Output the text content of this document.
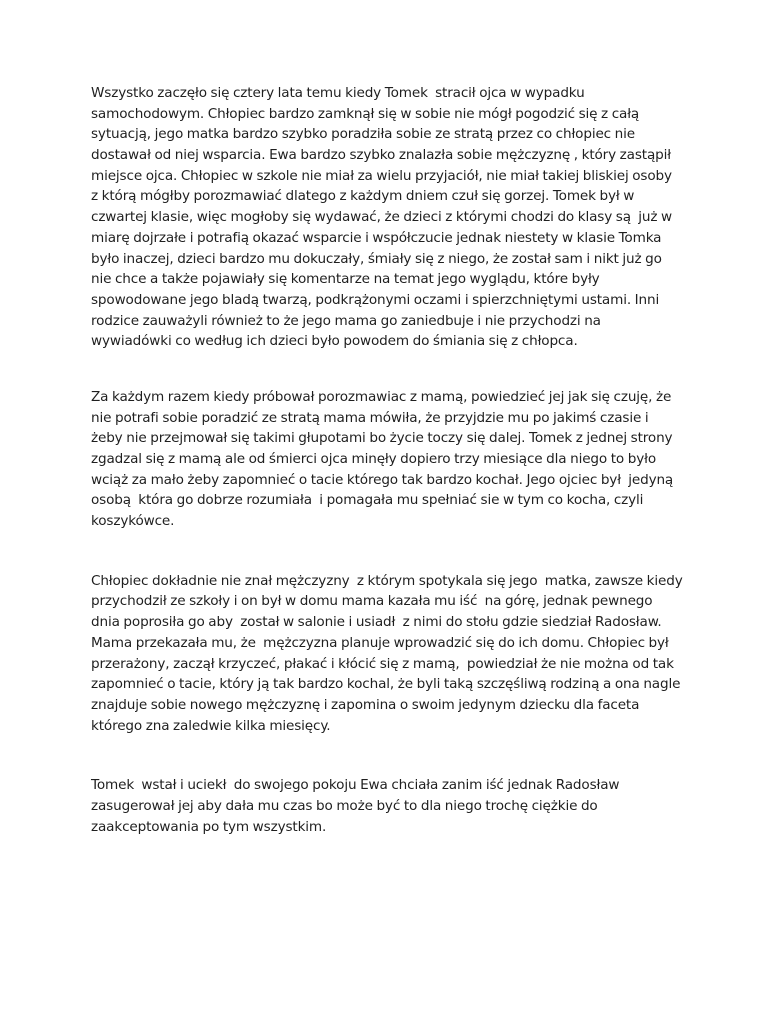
Wszystko zaczęło się cztery lata temu kiedy Tomek  stracił ojca w wypadku
samochodowym. Chłopiec bardzo zamknął się w sobie nie mógł pogodzić się z całą
sytuacją, jego matka bardzo szybko poradziła sobie ze stratą przez co chłopiec nie
dostawał od niej wsparcia. Ewa bardzo szybko znalazła sobie mężczyznę , który zastąpił
miejsce ojca. Chłopiec w szkole nie miał za wielu przyjaciół, nie miał takiej bliskiej osoby
z którą mógłby porozmawiać dlatego z każdym dniem czuł się gorzej. Tomek był w
czwartej klasie, więc mogłoby się wydawać, że dzieci z którymi chodzi do klasy są  już w
miarę dojrzałe i potrafią okazać wsparcie i współczucie jednak niestety w klasie Tomka
było inaczej, dzieci bardzo mu dokuczały, śmiały się z niego, że został sam i nikt już go
nie chce a także pojawiały się komentarze na temat jego wyglądu, które były
spowodowane jego bladą twarzą, podkrążonymi oczami i spierzchniętymi ustami. Inni
rodzice zauważyli również to że jego mama go zaniedbuje i nie przychodzi na
wywiadówki co według ich dzieci było powodem do śmiania się z chłopca.
Za każdym razem kiedy próbował porozmawiac z mamą, powiedzieć jej jak się czuję, że
nie potrafi sobie poradzić ze stratą mama mówiła, że przyjdzie mu po jakimś czasie i
żeby nie przejmował się takimi głupotami bo życie toczy się dalej. Tomek z jednej strony
zgadzal się z mamą ale od śmierci ojca minęły dopiero trzy miesiące dla niego to było
wciąż za mało żeby zapomnieć o tacie którego tak bardzo kochał. Jego ojciec był  jedyną
osobą  która go dobrze rozumiała  i pomagała mu spełniać sie w tym co kocha, czyli
koszykówce.
Chłopiec dokładnie nie znał mężczyzny  z którym spotykala się jego  matka, zawsze kiedy
przychodził ze szkoły i on był w domu mama kazała mu iść  na górę, jednak pewnego
dnia poprosiła go aby  został w salonie i usiadł  z nimi do stołu gdzie siedział Radosław.
Mama przekazała mu, że  mężczyzna planuje wprowadzić się do ich domu. Chłopiec był
przerażony, zaczął krzyczeć, płakać i kłócić się z mamą,  powiedział że nie można od tak
zapomnieć o tacie, który ją tak bardzo kochal, że byli taką szczęśliwą rodziną a ona nagle
znajduje sobie nowego mężczyznę i zapomina o swoim jedynym dziecku dla faceta
którego zna zaledwie kilka miesięcy.
Tomek  wstał i uciekł  do swojego pokoju Ewa chciała zanim iść jednak Radosław
zasugerował jej aby dała mu czas bo może być to dla niego trochę ciężkie do
zaakceptowania po tym wszystkim.
